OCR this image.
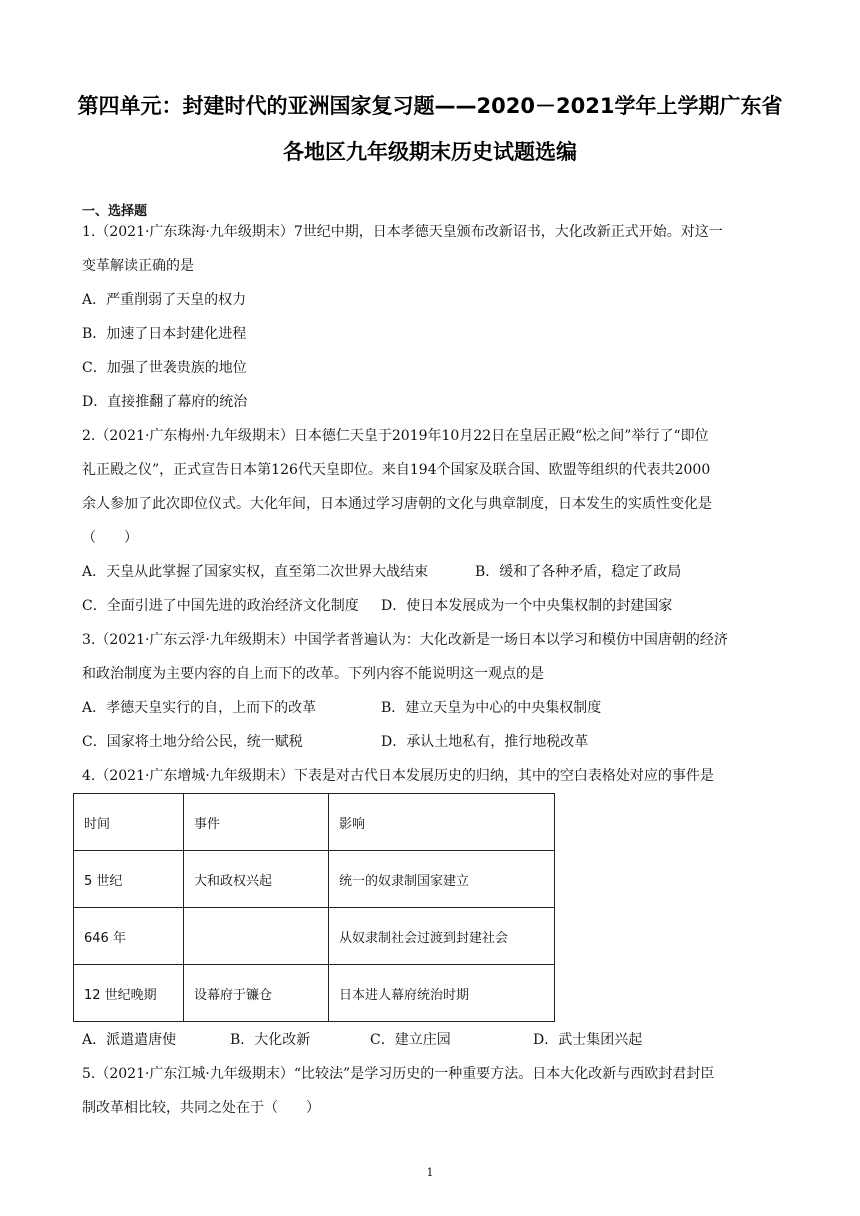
第四单元：封建时代的亚洲国家复习题——2020－2021学年上学期广东省
各地区九年级期末历史试题选编
一、选择题
1.（2021·广东珠海·九年级期末）7世纪中期，日本孝德天皇颁布改新诏书，大化改新正式开始。对这一
变革解读正确的是
A．严重削弱了天皇的权力
B．加速了日本封建化进程
C．加强了世袭贵族的地位
D．直接推翻了幕府的统治
2.（2021·广东梅州·九年级期末）日本德仁天皇于2019年10月22日在皇居正殿“松之间”举行了“即位
礼正殿之仪”，正式宣告日本第126代天皇即位。来自194个国家及联合国、欧盟等组织的代表共2000
余人参加了此次即位仪式。大化年间，日本通过学习唐朝的文化与典章制度，日本发生的实质性变化是
（　　）
A．天皇从此掌握了国家实权，直至第二次世界大战结束	B．缓和了各种矛盾，稳定了政局
C．全面引进了中国先进的政治经济文化制度 D．使日本发展成为一个中央集权制的封建国家
3.（2021·广东云浮·九年级期末）中国学者普遍认为：大化改新是一场日本以学习和模仿中国唐朝的经济
和政治制度为主要内容的自上而下的改革。下列内容不能说明这一观点的是
A．孝德天皇实行的自，上而下的改革	B．建立天皇为中心的中央集权制度
C．国家将土地分给公民，统一赋税	D．承认土地私有，推行地税改革
4.（2021·广东增城·九年级期末）下表是对古代日本发展历史的归纳，其中的空白表格处对应的事件是
时间	事件	影响
5 世纪	大和政权兴起	统一的奴隶制国家建立
646 年		从奴隶制社会过渡到封建社会
12 世纪晚期	设幕府于镰仓	日本进人幕府统治时期
A．派遣遣唐使	B．大化改新	C．建立庄园	D．武士集团兴起
5.（2021·广东江城·九年级期末）“比较法”是学习历史的一种重要方法。日本大化改新与西欧封君封臣
制改革相比较，共同之处在于（　　）
1
